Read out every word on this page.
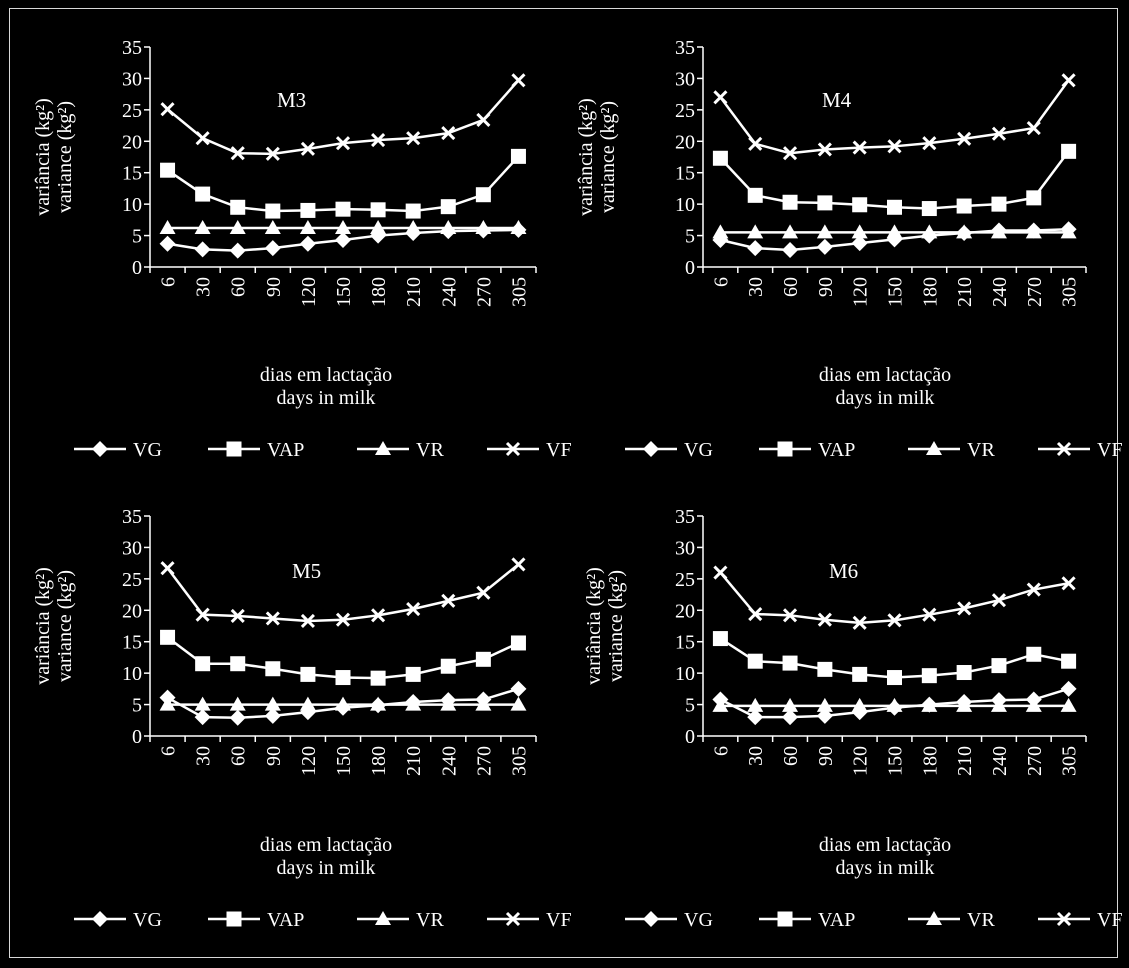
0
5
10
15
20
25
30
35
6 30 60 90 120 150 180 210 240 270 305
variância (kg²) variance (kg²)
M3
dias em lactação
days in milk
VG	VAP	VR	VF
0
5
10
15
20
25
30
35
6 30 60 90 120 150 180 210 240 270 305
variância (kg²) variance (kg²)
M4
dias em lactação
days in milk
VG	VAP	VR	VF
0
5
10
15
20
25
30
35
6 30 60 90 120 150 180 210 240 270 305
variância (kg²) variance (kg²)	M5
dias em lactação
days in milk
VG	VAP	VR	VF
0
5
10
15
20
25
30
35
6 30 60 90 120 150 180 210 240 270 305
variância (kg²) variance (kg²)	M6
dias em lactação
days in milk
VG	VAP	VR	VF
